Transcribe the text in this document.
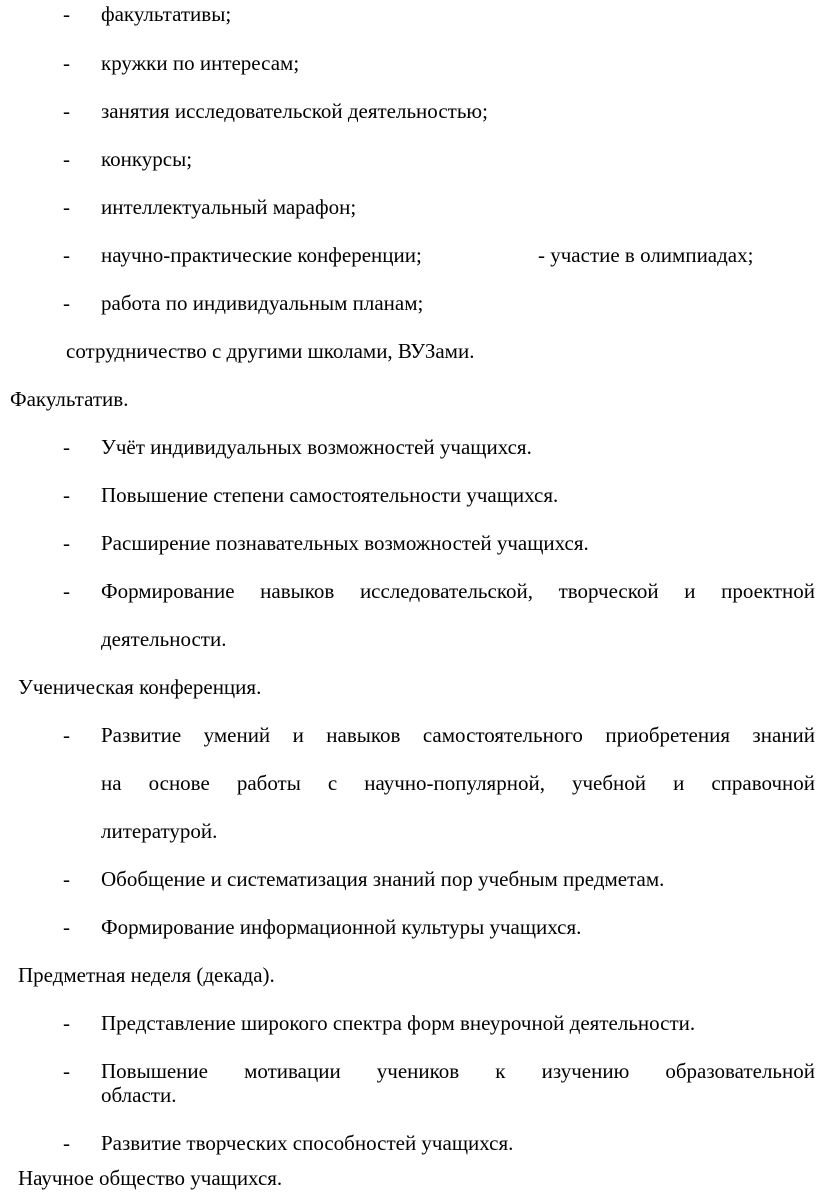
- факультативы;
- кружки по интересам;
- занятия исследовательской деятельностью;
- конкурсы;
- интеллектуальный марафон;
- научно-практические конференции;	- участие в олимпиадах;
- работа по индивидуальным планам;
сотрудничество с другими школами, ВУЗами.
Факультатив.
- Учёт индивидуальных возможностей учащихся.
- Повышение степени самостоятельности учащихся.
- Расширение познавательных возможностей учащихся.
- Формирование навыков исследовательской, творческой и проектной
деятельности.
Ученическая конференция.
- Развитие умений и навыков самостоятельного приобретения знаний
на основе работы с научно-популярной, учебной и справочной
литературой.
- Обобщение и систематизация знаний пор учебным предметам.
- Формирование информационной культуры учащихся.
Предметная неделя (декада).
- Представление широкого спектра форм внеурочной деятельности.
- Повышение мотивации учеников к изучению образовательной
области.
- Развитие творческих способностей учащихся.
Научное общество учащихся.
